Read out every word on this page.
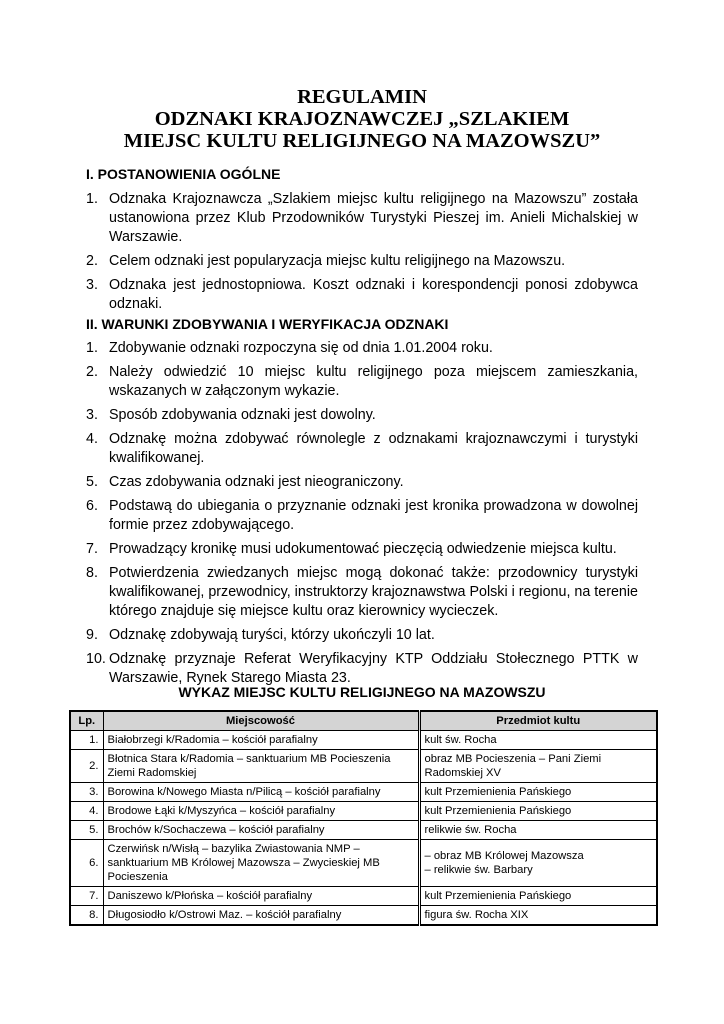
REGULAMIN
ODZNAKI KRAJOZNAWCZEJ „SZLAKIEM
MIEJSC KULTU RELIGIJNEGO NA MAZOWSZU”
I. POSTANOWIENIA OGÓLNE
1. Odznaka Krajoznawcza „Szlakiem miejsc kultu religijnego na Mazowszu” została ustanowiona przez Klub Przodowników Turystyki Pieszej im. Anieli Michalskiej w Warszawie.
2. Celem odznaki jest popularyzacja miejsc kultu religijnego na Mazowszu.
3. Odznaka jest jednostopniowa. Koszt odznaki i korespondencji ponosi zdobywca odznaki.
II. WARUNKI ZDOBYWANIA I WERYFIKACJA ODZNAKI
1. Zdobywanie odznaki rozpoczyna się od dnia 1.01.2004 roku.
2. Należy odwiedzić 10 miejsc kultu religijnego poza miejscem zamieszkania, wskazanych w załączonym wykazie.
3. Sposób zdobywania odznaki jest dowolny.
4. Odznakę można zdobywać równolegle z odznakami krajoznawczymi i turystyki kwalifikowanej.
5. Czas zdobywania odznaki jest nieograniczony.
6. Podstawą do ubiegania o przyznanie odznaki jest kronika prowadzona w dowolnej formie przez zdobywającego.
7. Prowadzący kronikę musi udokumentować pieczęcią odwiedzenie miejsca kultu.
8. Potwierdzenia zwiedzanych miejsc mogą dokonać także: przodownicy turystyki kwalifikowanej, przewodnicy, instruktorzy krajoznawstwa Polski i regionu, na terenie którego znajduje się miejsce kultu oraz kierownicy wycieczek.
9. Odznakę zdobywają turyści, którzy ukończyli 10 lat.
10. Odznakę przyznaje Referat Weryfikacyjny KTP Oddziału Stołecznego PTTK w Warszawie, Rynek Starego Miasta 23.
WYKAZ MIEJSC KULTU RELIGIJNEGO NA MAZOWSZU
Lp.	Miejscowość	Przedmiot kultu
1.	Białobrzegi k/Radomia – kościół parafialny	kult św. Rocha
2.	Błotnica Stara k/Radomia – sanktuarium MB Pocieszenia Ziemi Radomskiej	obraz MB Pocieszenia – Pani Ziemi Radomskiej XV
3.	Borowina k/Nowego Miasta n/Pilicą – kościół parafialny	kult Przemienienia Pańskiego
4.	Brodowe Łąki k/Myszyńca – kościół parafialny	kult Przemienienia Pańskiego
5.	Brochów k/Sochaczewa – kościół parafialny	relikwie św. Rocha
6.	Czerwińsk n/Wisłą – bazylika Zwiastowania NMP – sanktuarium MB Królowej Mazowsza – Zwycieskiej MB Pocieszenia	– obraz MB Królowej Mazowsza
– relikwie św. Barbary
7.	Daniszewo k/Płońska – kościół parafialny	kult Przemienienia Pańskiego
8.	Długosiodło k/Ostrowi Maz. – kościół parafialny	figura św. Rocha XIX
